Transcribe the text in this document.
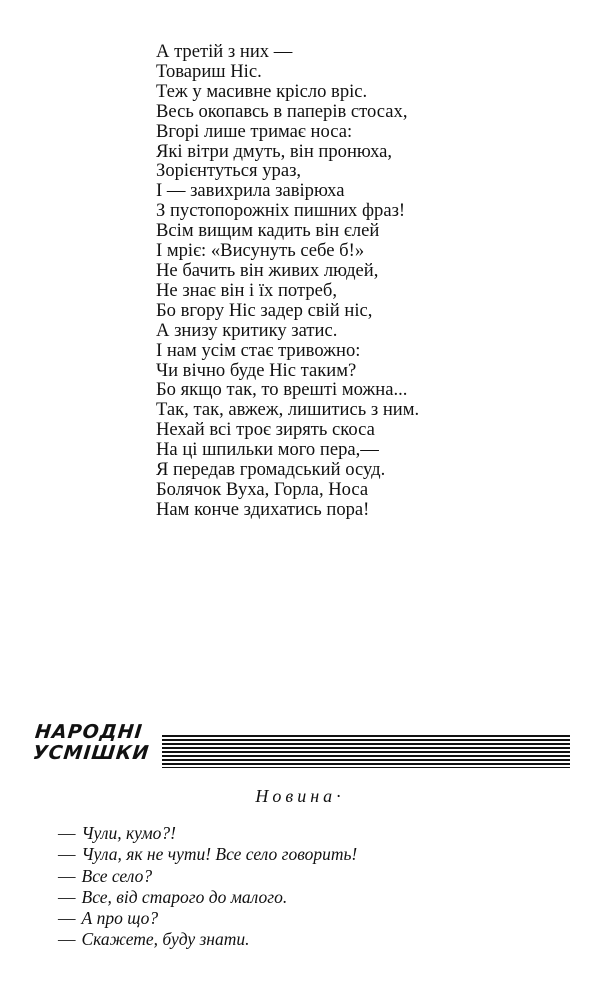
А третій з них —
Товариш Ніс.
Теж у масивне крісло вріс.
Весь окопавсь в паперів стосах,
Вгорі лише тримає носа:
Які вітри дмуть, він пронюха,
Зорієнтуться ураз,
І — завихрила завірюха
З пустопорожніх пишних фраз!
Всім вищим кадить він єлей
І мріє: «Висунуть себе б!»
Не бачить він живих людей,
Не знає він і їх потреб,
Бо вгору Ніс задер свій ніс,
А знизу критику затис.
І нам усім стає тривожно:
Чи вічно буде Ніс таким?
Бо якщо так, то врешті можна...
Так, так, авжеж, лишитись з ним.
Нехай всі троє зирять скоса
На ці шпильки мого пера,—
Я передав громадський осуд.
Болячок Вуха, Горла, Носа
Нам конче здихатись пора!
НАРОДНІ
УСМІШКИ
Новина·
— Чули, кумо?!
— Чула, як не чути! Все село говорить!
— Все село?
— Все, від старого до малого.
— А про що?
— Скажете, буду знати.
